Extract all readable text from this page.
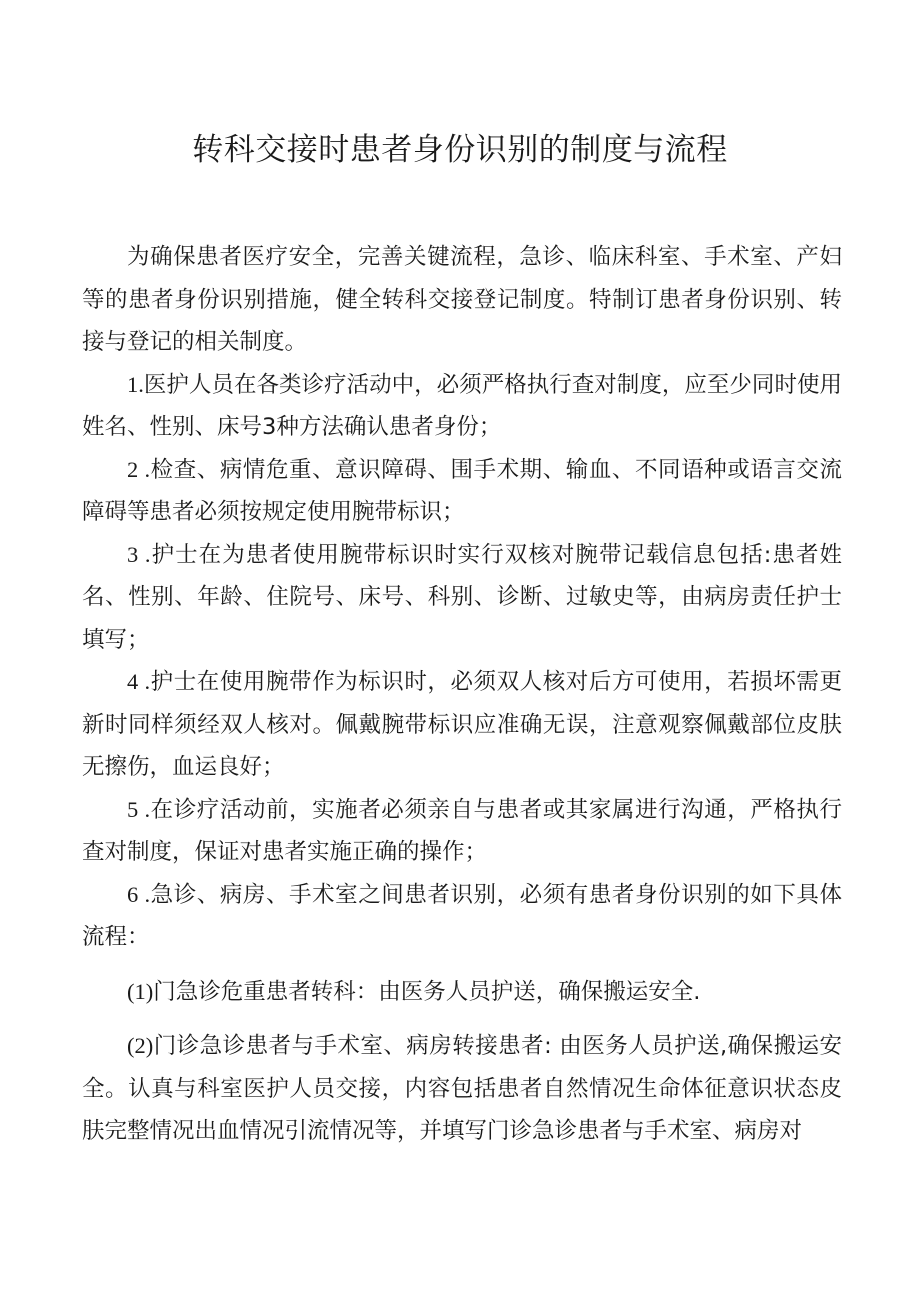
转科交接时患者身份识别的制度与流程

为确保患者医疗安全，完善关键流程，急诊、临床科室、手术室、产妇等的患者身份识别措施，健全转科交接登记制度。特制订患者身份识别、转接与登记的相关制度。

1.医护人员在各类诊疗活动中，必须严格执行查对制度，应至少同时使用姓名、性别、床号3种方法确认患者身份；

2 .检查、病情危重、意识障碍、围手术期、输血、不同语种或语言交流障碍等患者必须按规定使用腕带标识；

3 .护士在为患者使用腕带标识时实行双核对腕带记载信息包括:患者姓名、性别、年龄、住院号、床号、科别、诊断、过敏史等，由病房责任护士填写；

4 .护士在使用腕带作为标识时，必须双人核对后方可使用，若损坏需更新时同样须经双人核对。佩戴腕带标识应准确无误，注意观察佩戴部位皮肤无擦伤，血运良好；

5 .在诊疗活动前，实施者必须亲自与患者或其家属进行沟通，严格执行查对制度，保证对患者实施正确的操作；

6 .急诊、病房、手术室之间患者识别，必须有患者身份识别的如下具体流程：

(1)门急诊危重患者转科：由医务人员护送，确保搬运安全.

(2)门诊急诊患者与手术室、病房转接患者: 由医务人员护送,确保搬运安全。认真与科室医护人员交接，内容包括患者自然情况生命体征意识状态皮肤完整情况出血情况引流情况等，并填写门诊急诊患者与手术室、病房对
